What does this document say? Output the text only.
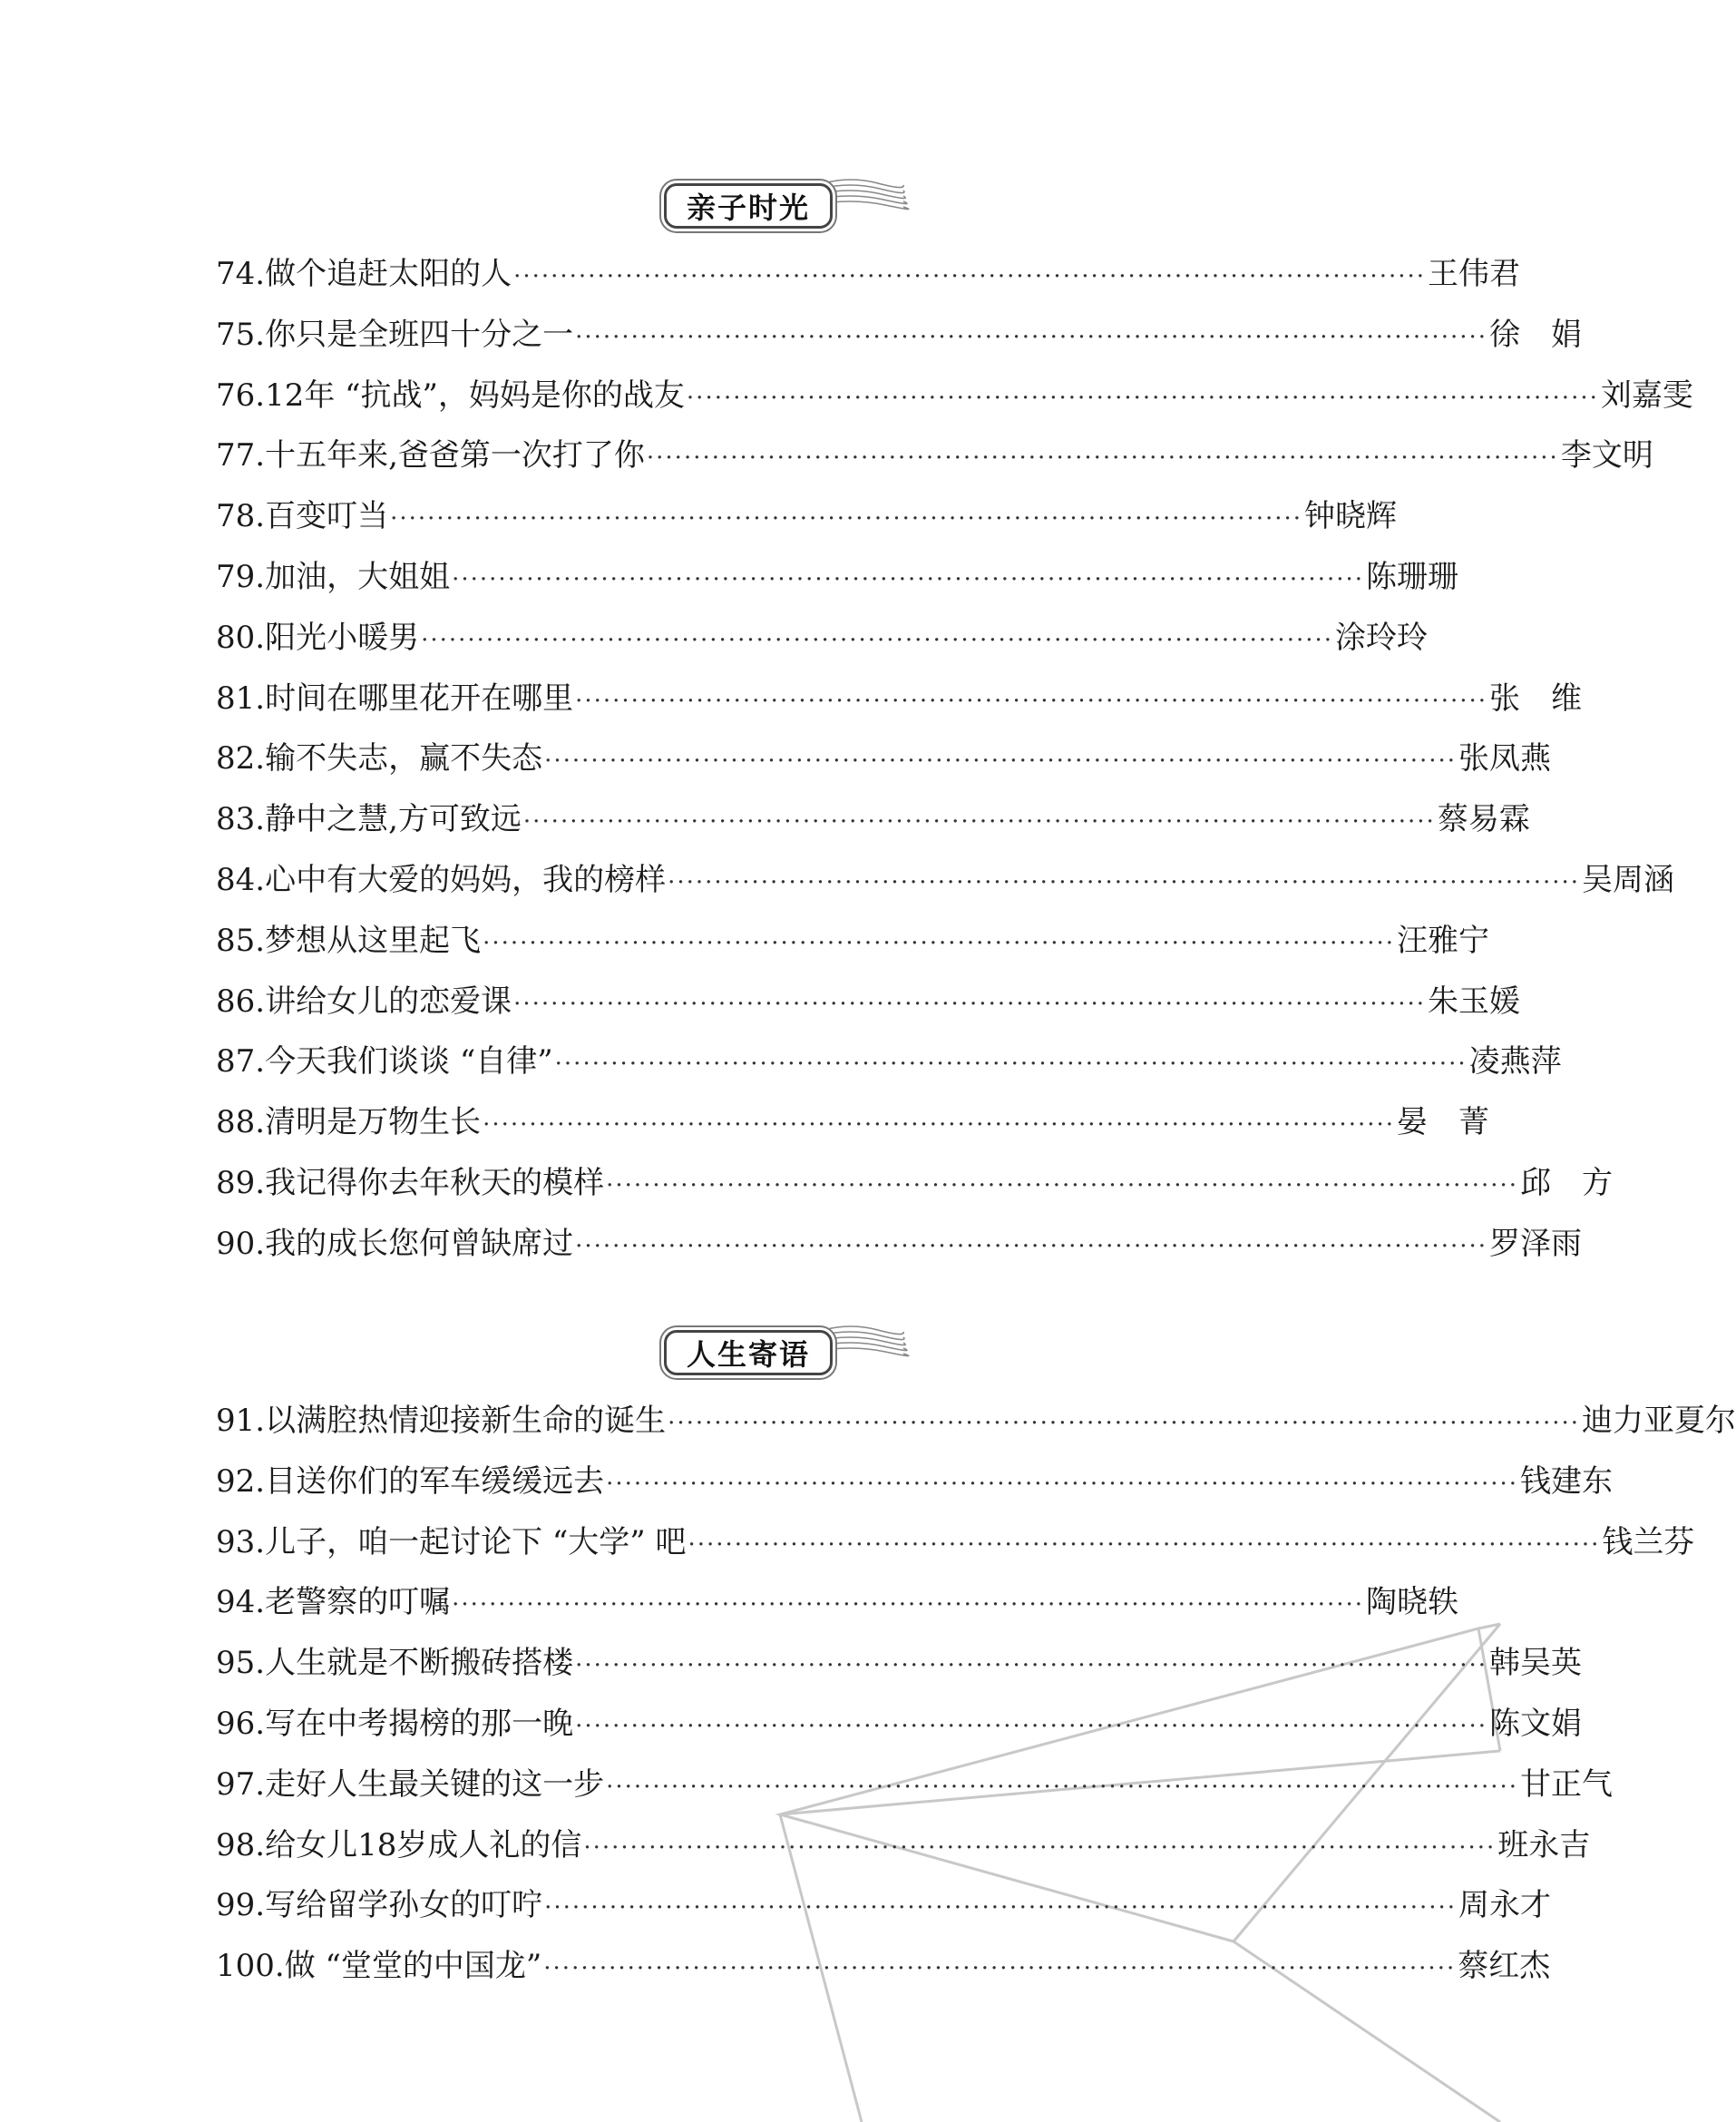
亲子时光
74. 做个追赶太阳的人 ·································································································· 王伟君
75. 你只是全班四十分之一 ·································································································· 徐　娟
76. 12年 “抗战”，妈妈是你的战友 ·································································································· 刘嘉雯
77. 十五年来,爸爸第一次打了你 ·································································································· 李文明
78. 百变叮当 ·································································································· 钟晓辉
79. 加油，大姐姐 ·································································································· 陈珊珊
80. 阳光小暖男 ·································································································· 涂玲玲
81. 时间在哪里花开在哪里 ·································································································· 张　维
82. 输不失志，赢不失态 ·································································································· 张凤燕
83. 静中之慧,方可致远 ·································································································· 蔡易霖
84. 心中有大爱的妈妈，我的榜样 ·································································································· 吴周涵
85. 梦想从这里起飞 ·································································································· 汪雅宁
86. 讲给女儿的恋爱课 ·································································································· 朱玉媛
87. 今天我们谈谈 “自律” ·································································································· 凌燕萍
88. 清明是万物生长 ·································································································· 晏　菁
89. 我记得你去年秋天的模样 ·································································································· 邱　方
90. 我的成长您何曾缺席过 ·································································································· 罗泽雨
人生寄语
91. 以满腔热情迎接新生命的诞生 ·································································································· 迪力亚夏尔
92. 目送你们的军车缓缓远去 ·································································································· 钱建东
93. 儿子，咱一起讨论下 “大学” 吧 ·································································································· 钱兰芬
94. 老警察的叮嘱 ·································································································· 陶晓轶
95. 人生就是不断搬砖搭楼 ·································································································· 韩吴英
96. 写在中考揭榜的那一晚 ·································································································· 陈文娟
97. 走好人生最关键的这一步 ·································································································· 甘正气
98. 给女儿18岁成人礼的信 ·································································································· 班永吉
99. 写给留学孙女的叮咛 ·································································································· 周永才
100. 做 “堂堂的中国龙” ·································································································· 蔡红杰
